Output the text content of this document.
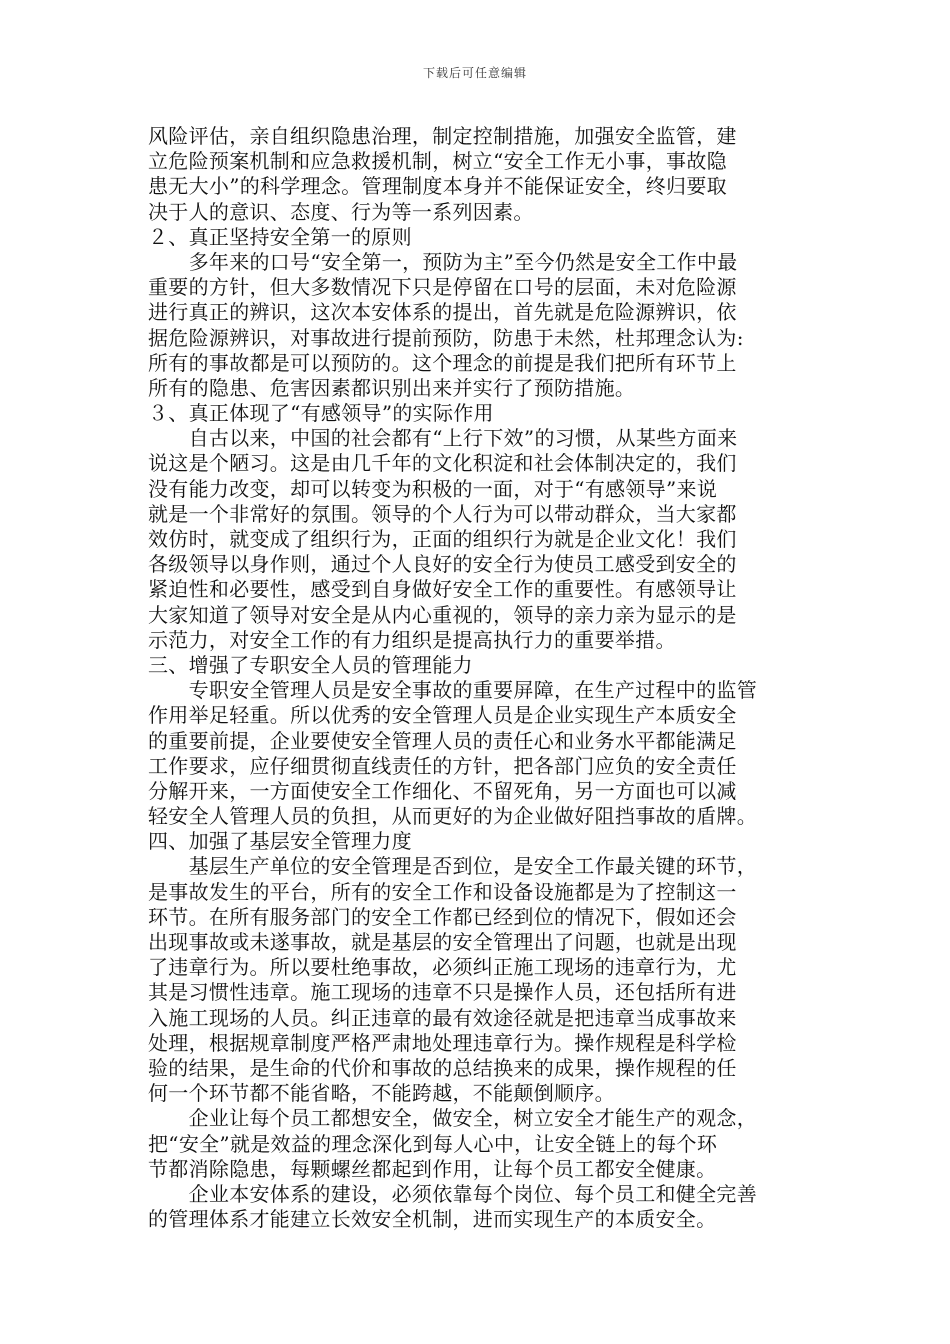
下载后可任意编辑
风险评估，亲自组织隐患治理，制定控制措施，加强安全监管，建
立危险预案机制和应急救援机制，树立“安全工作无小事，事故隐
患无大小”的科学理念。管理制度本身并不能保证安全，终归要取
决于人的意识、态度、行为等一系列因素。
２、真正坚持安全第一的原则
　　多年来的口号“安全第一，预防为主”至今仍然是安全工作中最
重要的方针，但大多数情况下只是停留在口号的层面，未对危险源
进行真正的辨识，这次本安体系的提出，首先就是危险源辨识，依
据危险源辨识，对事故进行提前预防，防患于未然，杜邦理念认为:
所有的事故都是可以预防的。这个理念的前提是我们把所有环节上
所有的隐患、危害因素都识别出来并实行了预防措施。
３、真正体现了“有感领导”的实际作用
　　自古以来，中国的社会都有“上行下效”的习惯，从某些方面来
说这是个陋习。这是由几千年的文化积淀和社会体制决定的，我们
没有能力改变，却可以转变为积极的一面，对于“有感领导”来说
就是一个非常好的氛围。领导的个人行为可以带动群众，当大家都
效仿时，就变成了组织行为，正面的组织行为就是企业文化！我们
各级领导以身作则，通过个人良好的安全行为使员工感受到安全的
紧迫性和必要性，感受到自身做好安全工作的重要性。有感领导让
大家知道了领导对安全是从内心重视的，领导的亲力亲为显示的是
示范力，对安全工作的有力组织是提高执行力的重要举措。
三、增强了专职安全人员的管理能力
　　专职安全管理人员是安全事故的重要屏障，在生产过程中的监管
作用举足轻重。所以优秀的安全管理人员是企业实现生产本质安全
的重要前提，企业要使安全管理人员的责任心和业务水平都能满足
工作要求，应仔细贯彻直线责任的方针，把各部门应负的安全责任
分解开来，一方面使安全工作细化、不留死角，另一方面也可以减
轻安全人管理人员的负担，从而更好的为企业做好阻挡事故的盾牌。
四、加强了基层安全管理力度
　　基层生产单位的安全管理是否到位，是安全工作最关键的环节，
是事故发生的平台，所有的安全工作和设备设施都是为了控制这一
环节。在所有服务部门的安全工作都已经到位的情况下，假如还会
出现事故或未遂事故，就是基层的安全管理出了问题，也就是出现
了违章行为。所以要杜绝事故，必须纠正施工现场的违章行为，尤
其是习惯性违章。施工现场的违章不只是操作人员，还包括所有进
入施工现场的人员。纠正违章的最有效途径就是把违章当成事故来
处理，根据规章制度严格严肃地处理违章行为。操作规程是科学检
验的结果，是生命的代价和事故的总结换来的成果，操作规程的任
何一个环节都不能省略，不能跨越，不能颠倒顺序。
　　企业让每个员工都想安全，做安全，树立安全才能生产的观念，
把“安全”就是效益的理念深化到每人心中，让安全链上的每个环
节都消除隐患，每颗螺丝都起到作用，让每个员工都安全健康。
　　企业本安体系的建设，必须依靠每个岗位、每个员工和健全完善
的管理体系才能建立长效安全机制，进而实现生产的本质安全。
